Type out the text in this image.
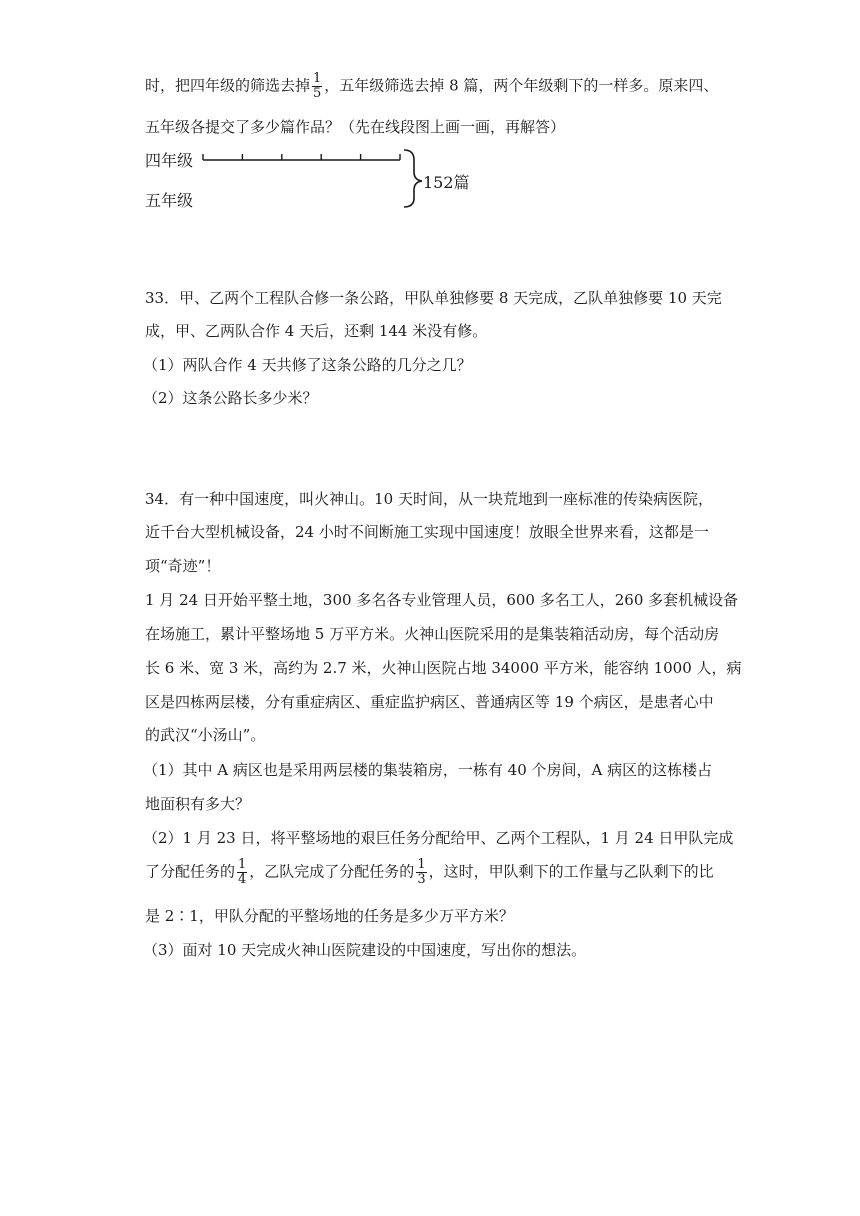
时，把四年级的筛选去掉 $\frac{1}{5}$ ，五年级筛选去掉 8 篇，两个年级剩下的一样多。原来四、
五年级各提交了多少篇作品？（先在线段图上画一画，再解答）
四年级
五年级
152篇
33．甲、乙两个工程队合修一条公路，甲队单独修要 8 天完成，乙队单独修要 10 天完
成，甲、乙两队合作 4 天后，还剩 144 米没有修。
（1）两队合作 4 天共修了这条公路的几分之几？
（2）这条公路长多少米？
34．有一种中国速度，叫火神山。10 天时间，从一块荒地到一座标准的传染病医院，
近千台大型机械设备，24 小时不间断施工实现中国速度！放眼全世界来看，这都是一
项“奇迹”！
1 月 24 日开始平整土地，300 多名各专业管理人员，600 多名工人，260 多套机械设备
在场施工，累计平整场地 5 万平方米。火神山医院采用的是集装箱活动房，每个活动房
长 6 米、宽 3 米，高约为 2.7 米，火神山医院占地 34000 平方米，能容纳 1000 人，病
区是四栋两层楼，分有重症病区、重症监护病区、普通病区等 19 个病区，是患者心中
的武汉“小汤山”。
（1）其中 A 病区也是采用两层楼的集装箱房，一栋有 40 个房间，A 病区的这栋楼占
地面积有多大？
（2）1 月 23 日，将平整场地的艰巨任务分配给甲、乙两个工程队，1 月 24 日甲队完成
了分配任务的 $\frac{1}{4}$ ，乙队完成了分配任务的 $\frac{1}{3}$ ，这时，甲队剩下的工作量与乙队剩下的比
是 2∶1，甲队分配的平整场地的任务是多少万平方米？
（3）面对 10 天完成火神山医院建设的中国速度，写出你的想法。
